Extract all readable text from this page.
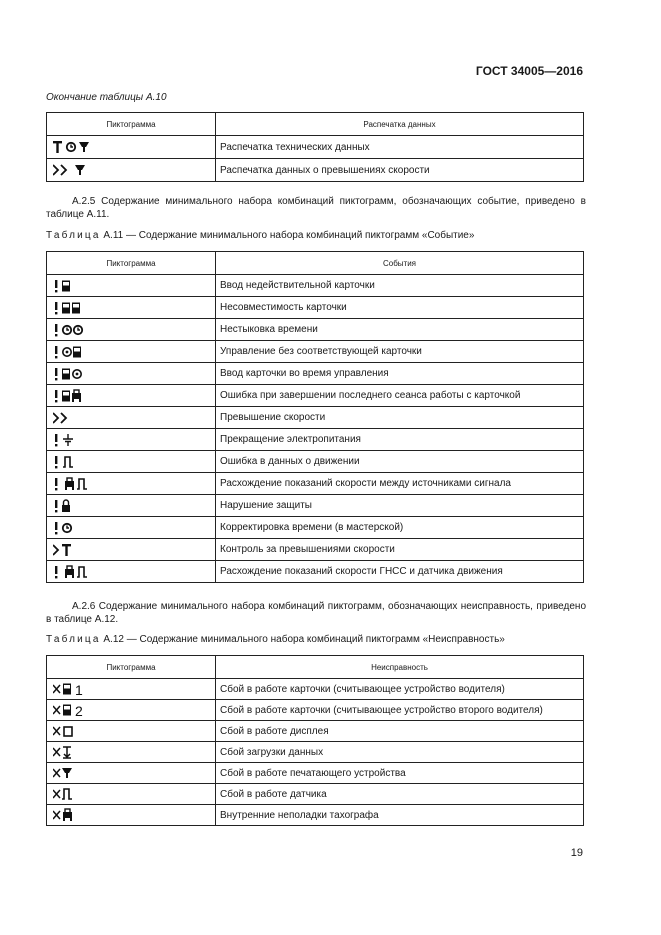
ГОСТ 34005—2016
Окончание таблицы А.10
Пиктограмма	Распечатка данных
	Распечатка технических данных
	Распечатка данных о превышениях скорости
А.2.5 Содержание минимального набора комбинаций пиктограмм, обозначающих событие, приведено в таблице А.11.
Таблица А.11 — Содержание минимального набора комбинаций пиктограмм «Событие»
Пиктограмма	События
	Ввод недействительной карточки
	Несовместимость карточки
	Нестыковка времени
	Управление без соответствующей карточки
	Ввод карточки во время управления
	Ошибка при завершении последнего сеанса работы с карточкой
	Превышение скорости
	Прекращение электропитания
	Ошибка в данных о движении
	Расхождение показаний скорости между источниками сигнала
	Нарушение защиты
	Корректировка времени (в мастерской)
	Контроль за превышениями скорости
	Расхождение показаний скорости ГНСС и датчика движения
А.2.6 Содержание минимального набора комбинаций пиктограмм, обозначающих неисправность, приведено в таблице А.12.
Таблица А.12 — Содержание минимального набора комбинаций пиктограмм «Неисправность»
Пиктограмма	Неисправность

1	Сбой в работе карточки (считывающее устройство водителя)

2	Сбой в работе карточки (считывающее устройство второго водителя)
	Сбой в работе дисплея
	Сбой загрузки данных
	Сбой в работе печатающего устройства
	Сбой в работе датчика
	Внутренние неполадки тахографа
19
